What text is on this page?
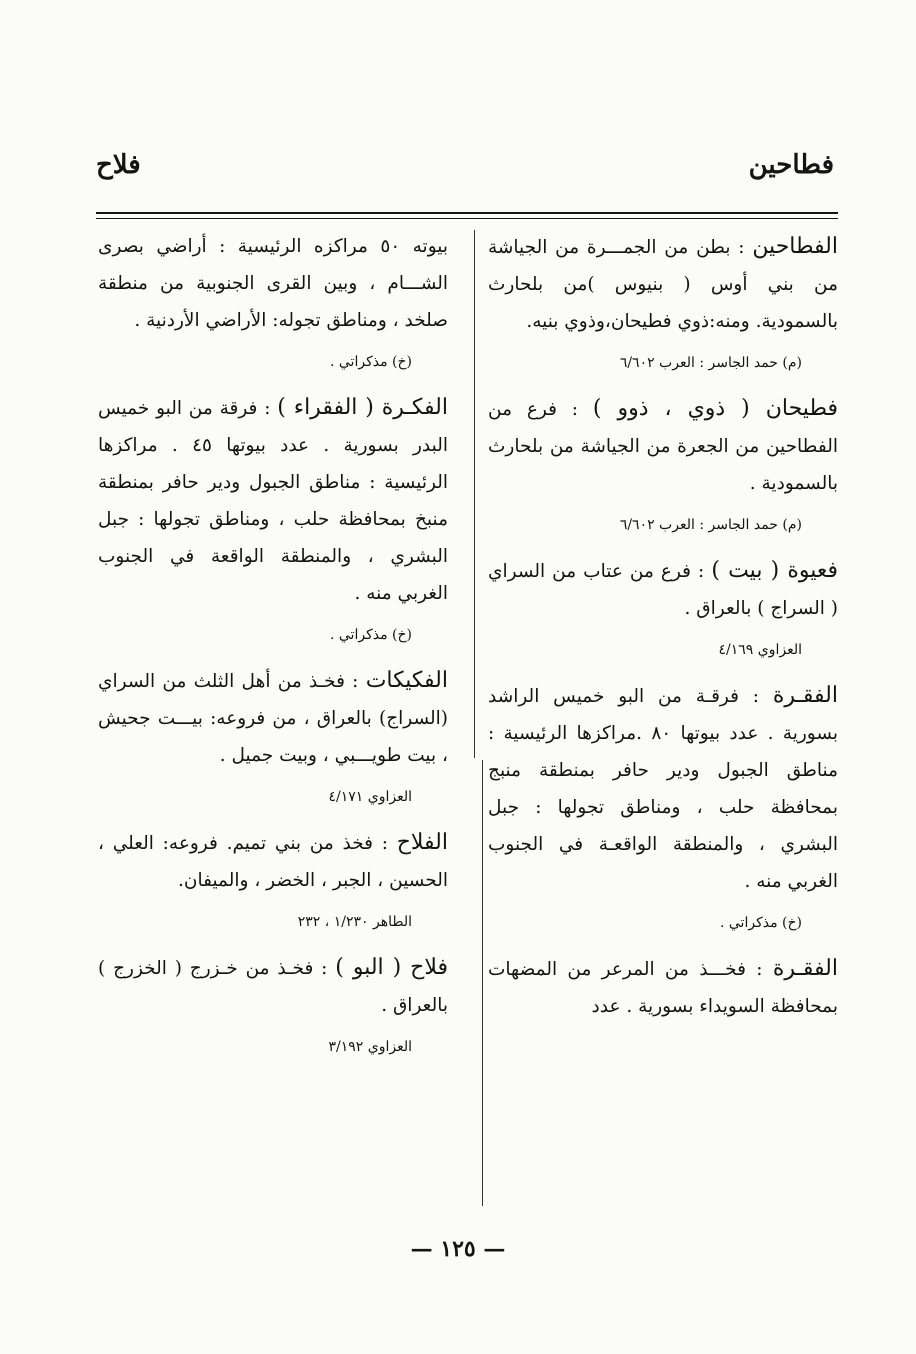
فطاحين
فلاح
الفطاحين : بطن من الجمـــرة من الجياشة من بني أوس ( بنيوس )من بلحارث بالسمودية. ومنه:ذوي فطيحان،وذوي بنيه.
(م) حمد الجاسر : العرب ٦/٦٠٢
فطيحان ( ذوي ، ذوو ) : فرع من الفطاحين من الجعرة من الجياشة من بلحارث بالسمودية .
(م) حمد الجاسر : العرب ٦/٦٠٢
فعيوة ( بيت ) : فرع من عتاب من السراي ( السراج ) بالعراق .
العزاوي ٤/١٦٩
الفقـرة : فرقـة من البو خميس الراشد بسورية . عدد بيوتها ٨٠ .مراكزها الرئيسية : مناطق الجبول ودير حافر بمنطقة منبج بمحافظة حلب ، ومناطق تجولها : جبل البشري ، والمنطقة الواقعـة في الجنوب الغربي منه .
(خ) مذكراتي .
الفقـرة : فخـــذ من المرعر من المضهات بمحافظة السويداء بسورية . عدد
بيوته ٥٠ مراكزه الرئيسية : أراضي بصرى الشـــام ، وبين القرى الجنوبية من منطقة صلخد ، ومناطق تجوله: الأراضي الأردنية .
(خ) مذكراتي .
الفكـرة ( الفقراء ) : فرقة من البو خميس البدر بسورية . عدد بيوتها ٤٥ . مراكزها الرئيسية : مناطق الجبول ودير حافر بمنطقة منبخ بمحافظة حلب ، ومناطق تجولها : جبل البشري ، والمنطقة الواقعة في الجنوب الغربي منه .
(خ) مذكراتي .
الفكيكات : فخـذ من أهل الثلث من السراي (السراج) بالعراق ، من فروعه: بيـــت جحيش ، بيت طويـــبي ، وبيت جميل .
العزاوي ٤/١٧١
الفلاح : فخذ من بني تميم. فروعه: العلي ، الحسين ، الجبر ، الخضر ، والميفان.
الطاهر ١/٢٣٠ ، ٢٣٢
فلاح ( البو ) : فخـذ من خـزرج ( الخزرج ) بالعراق .
العزاوي ٣/١٩٢
— ١٢٥ —
